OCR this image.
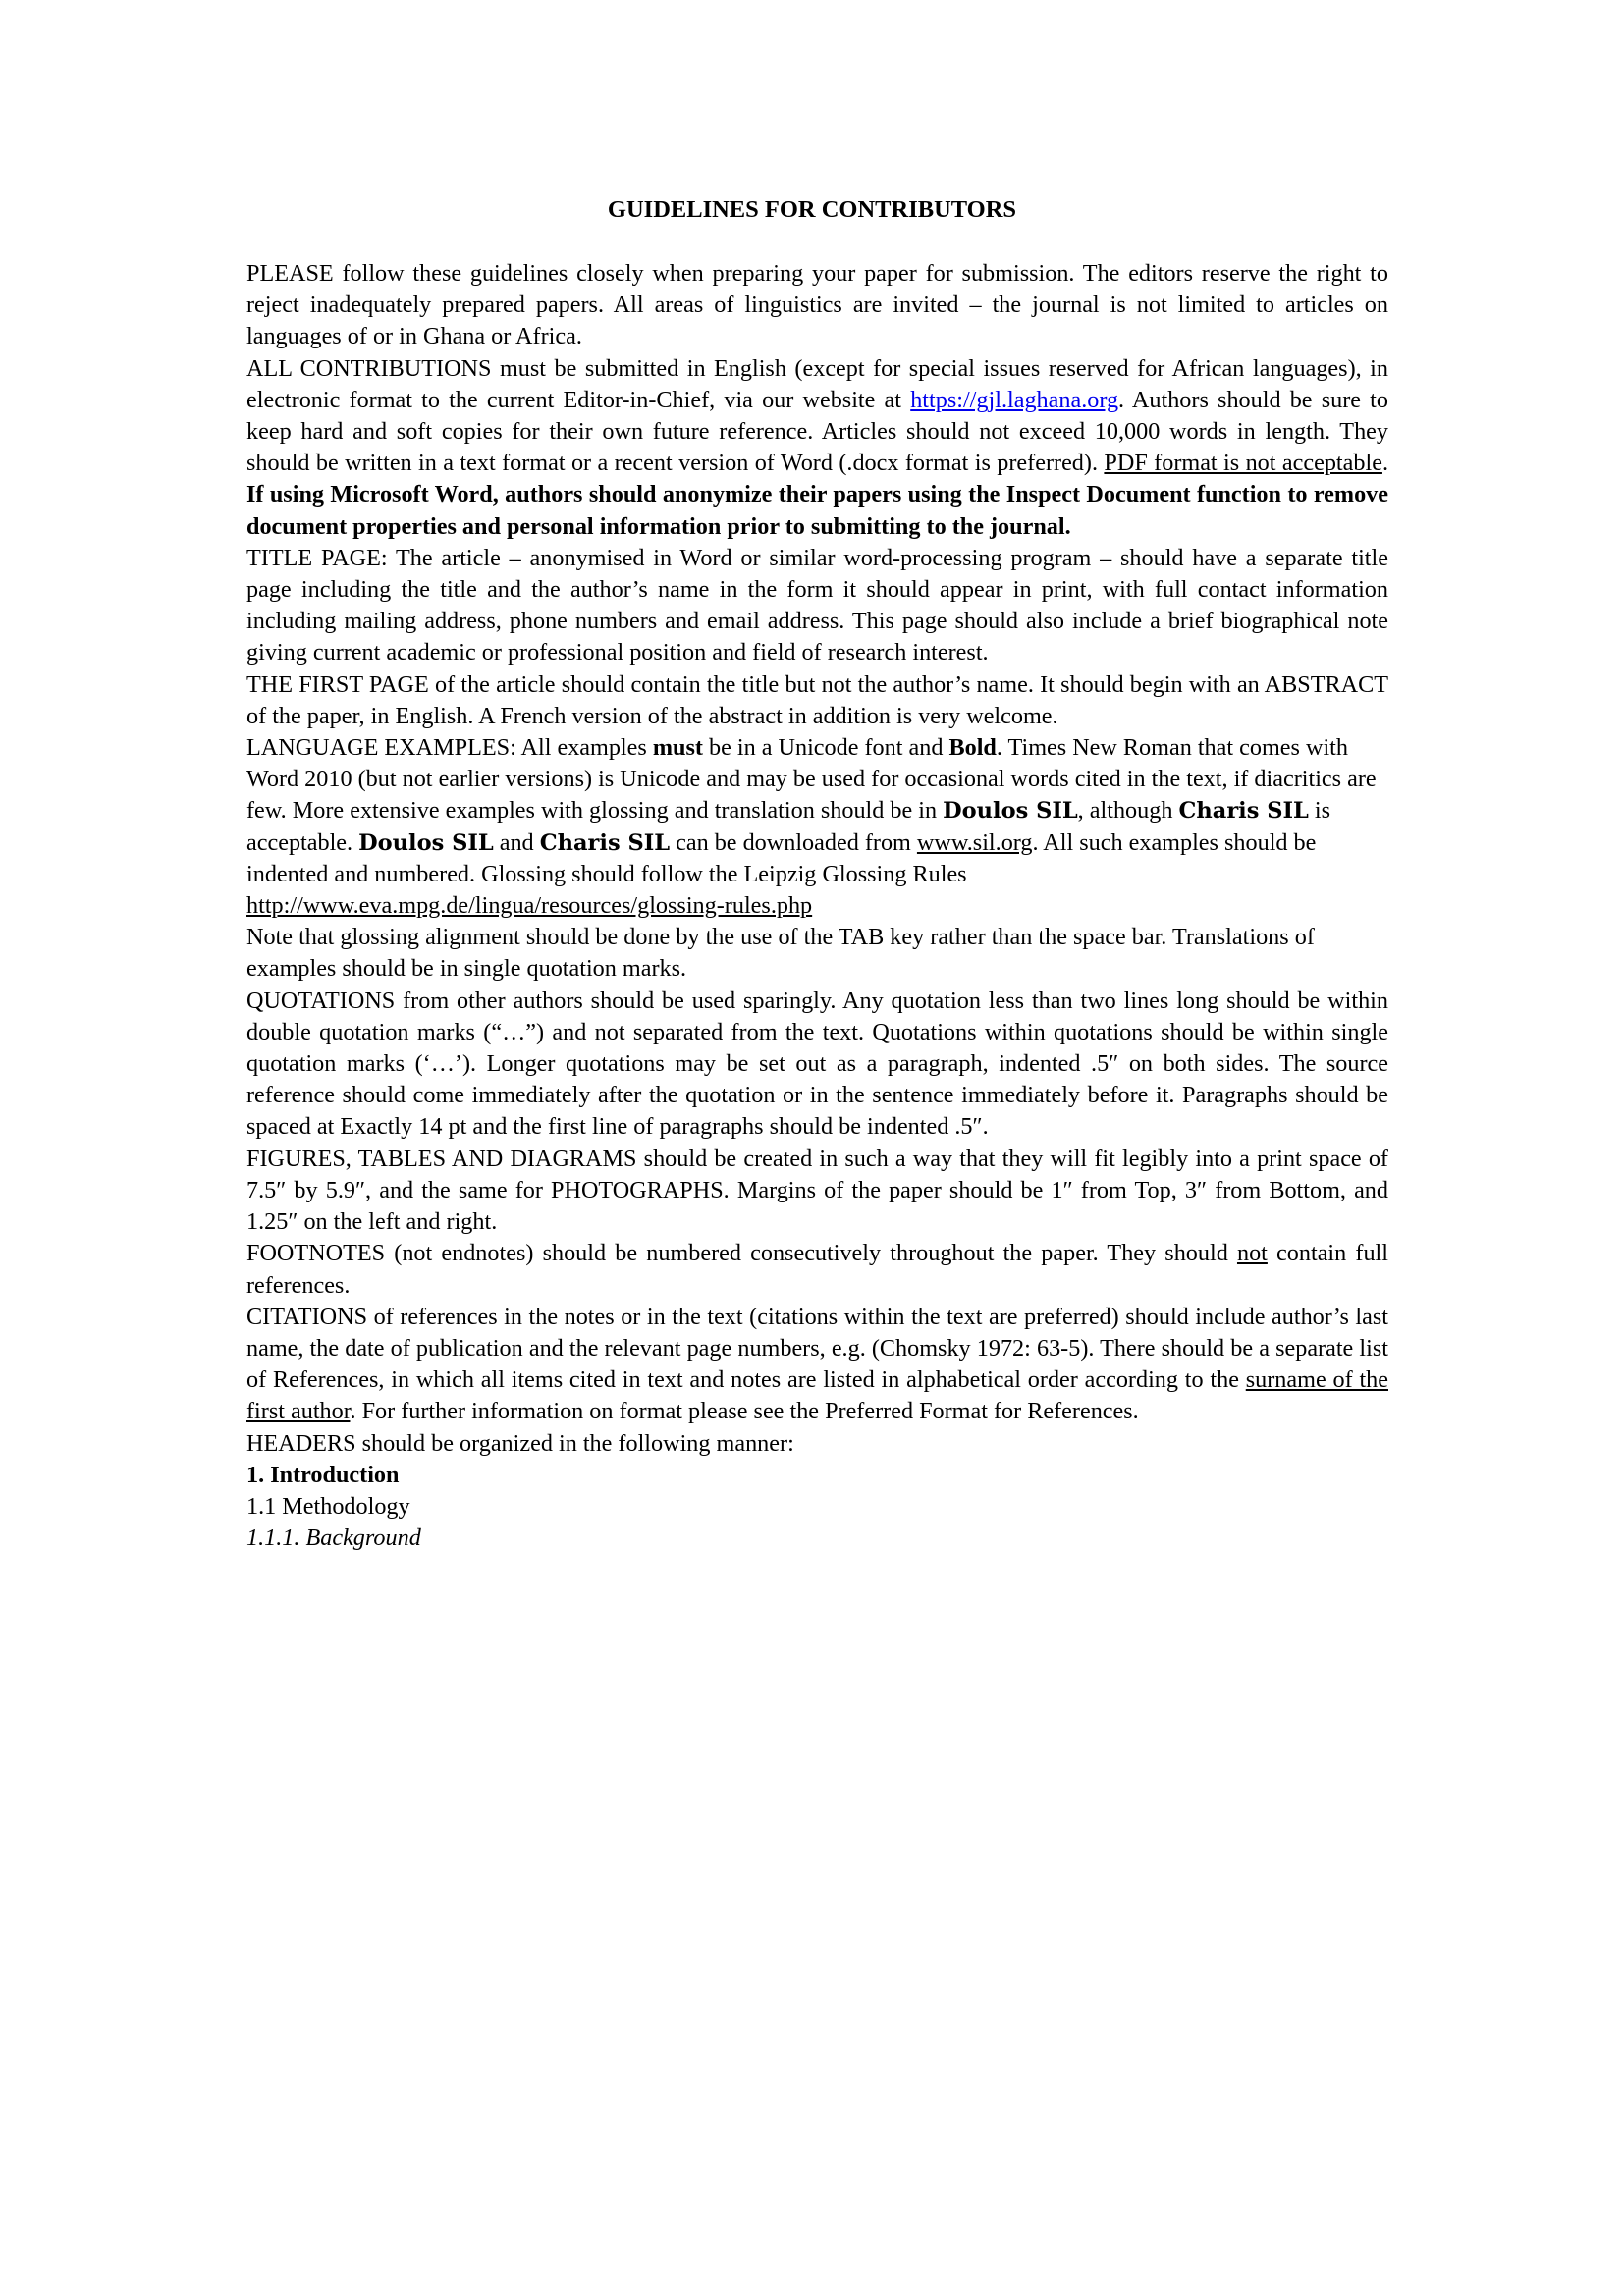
GUIDELINES FOR CONTRIBUTORS

PLEASE follow these guidelines closely when preparing your paper for submission. The editors reserve the right to reject inadequately prepared papers. All areas of linguistics are invited – the journal is not limited to articles on languages of or in Ghana or Africa.

ALL CONTRIBUTIONS must be submitted in English (except for special issues reserved for African languages), in electronic format to the current Editor-in-Chief, via our website at https://gjl.laghana.org. Authors should be sure to keep hard and soft copies for their own future reference. Articles should not exceed 10,000 words in length. They should be written in a text format or a recent version of Word (.docx format is preferred). PDF format is not acceptable. If using Microsoft Word, authors should anonymize their papers using the Inspect Document function to remove document properties and personal information prior to submitting to the journal.

TITLE PAGE: The article – anonymised in Word or similar word-processing program – should have a separate title page including the title and the author’s name in the form it should appear in print, with full contact information including mailing address, phone numbers and email address. This page should also include a brief biographical note giving current academic or professional position and field of research interest.

THE FIRST PAGE of the article should contain the title but not the author’s name. It should begin with an ABSTRACT of the paper, in English. A French version of the abstract in addition is very welcome.

LANGUAGE EXAMPLES: All examples must be in a Unicode font and Bold. Times New Roman that comes with Word 2010 (but not earlier versions) is Unicode and may be used for occasional words cited in the text, if diacritics are few. More extensive examples with glossing and translation should be in Doulos SIL, although Charis SIL is acceptable. Doulos SIL and Charis SIL can be downloaded from www.sil.org. All such examples should be indented and numbered. Glossing should follow the Leipzig Glossing Rules http://www.eva.mpg.de/lingua/resources/glossing-rules.php

Note that glossing alignment should be done by the use of the TAB key rather than the space bar. Translations of examples should be in single quotation marks.

QUOTATIONS from other authors should be used sparingly. Any quotation less than two lines long should be within double quotation marks (“…”) and not separated from the text. Quotations within quotations should be within single quotation marks (‘…’). Longer quotations may be set out as a paragraph, indented .5″ on both sides. The source reference should come immediately after the quotation or in the sentence immediately before it. Paragraphs should be spaced at Exactly 14 pt and the first line of paragraphs should be indented .5″.

FIGURES, TABLES AND DIAGRAMS should be created in such a way that they will fit legibly into a print space of 7.5″ by 5.9″, and the same for PHOTOGRAPHS. Margins of the paper should be 1″ from Top, 3″ from Bottom, and 1.25″ on the left and right.

FOOTNOTES (not endnotes) should be numbered consecutively throughout the paper. They should not contain full references.

CITATIONS of references in the notes or in the text (citations within the text are preferred) should include author’s last name, the date of publication and the relevant page numbers, e.g. (Chomsky 1972: 63-5). There should be a separate list of References, in which all items cited in text and notes are listed in alphabetical order according to the surname of the first author. For further information on format please see the Preferred Format for References.

HEADERS should be organized in the following manner:

1. Introduction

1.1 Methodology

1.1.1. Background
